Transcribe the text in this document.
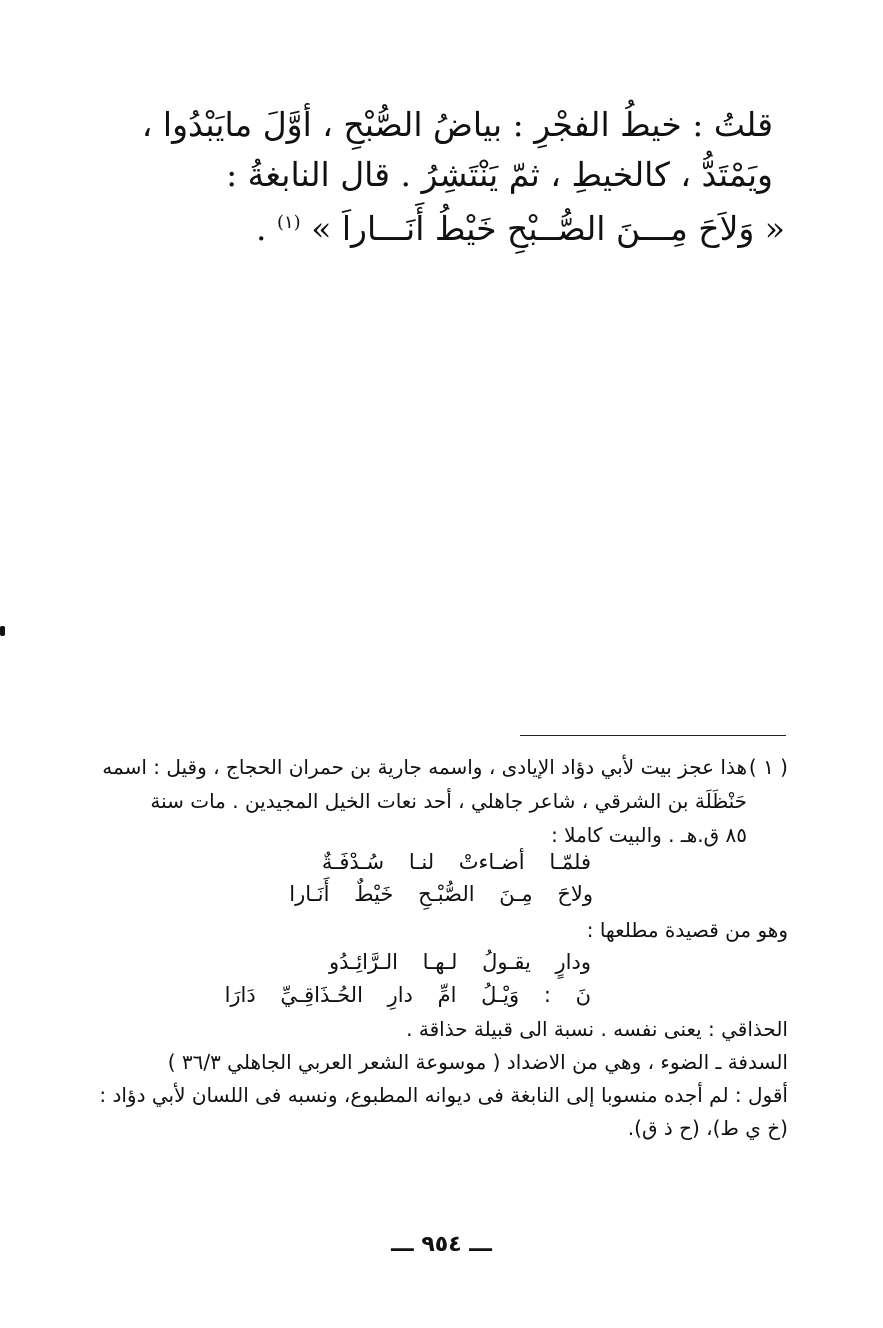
قلتُ : خيطُ الفجْرِ : بياضُ الصُّبْحِ ، أوَّلَ مايَبْدُوا ،
ويَمْتَدُّ ، كالخيطِ ، ثمّ يَنْتَشِرُ . قال النابغةُ :
« وَلاَحَ مِـــنَ الصُّــبْحِ خَيْطُ أَنَـــاراَ » $^{(١)}$ .
( ١ )
هذا عجز بيت لأبي دؤاد الإيادى ، واسمه جارية بن حمران الحجاج ، وقيل : اسمه
حَنْظَلَة بن الشرقي ، شاعر جاهلي ، أحد نعات الخيل المجيدين . مات سنة
٨٥ ق.هـ . والبيت كاملا :
فلمّـا أضـاءتْ لنـا سُـدْفَـةٌ
ولاحَ مِـنَ الصُّبْـحِ خَيْطٌ أَنَـارا
وهو من قصيدة مطلعها :
ودارٍ يقـولُ لـهـا الـرَّائِـدُو
نَ : وَيْـلُ امِّ دارِ الحُـذَاقِـيِّ دَارَا
الحذاقي : يعنى نفسه . نسبة الى قبيلة حذاقة .
السدفة ـ الضوء ، وهي من الاضداد ( موسوعة الشعر العربي الجاهلي ٣٦/٣ )
أقول : لم أجده منسوبا إلى النابغة فى ديوانه المطبوع، ونسبه فى اللسان لأبي دؤاد :
(خ ي ط)، (ح ذ ق).
ـــ ٩٥٤ ـــ
